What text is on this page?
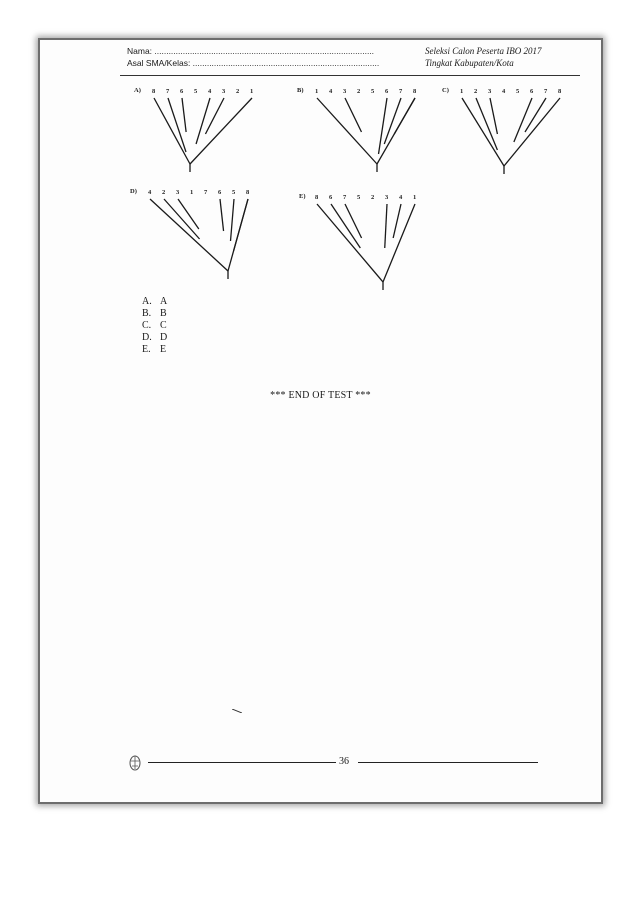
Nama: .............................................................................................
Asal SMA/Kelas: ...............................................................................
Seleksi Calon Peserta IBO 2017
Tingkat Kabupaten/Kota
A) 8 7 6 5 4 3 2 1	B) 1 4 3 2 5 6 7 8	C) 1 2 3 4 5 6 7 8
D) 4 2 3 1 7 6 5 8
E) 8 6 7 5 2 3 4 1
A. A
B. B
C. C
D. D
E. E
*** END OF TEST ***
36
